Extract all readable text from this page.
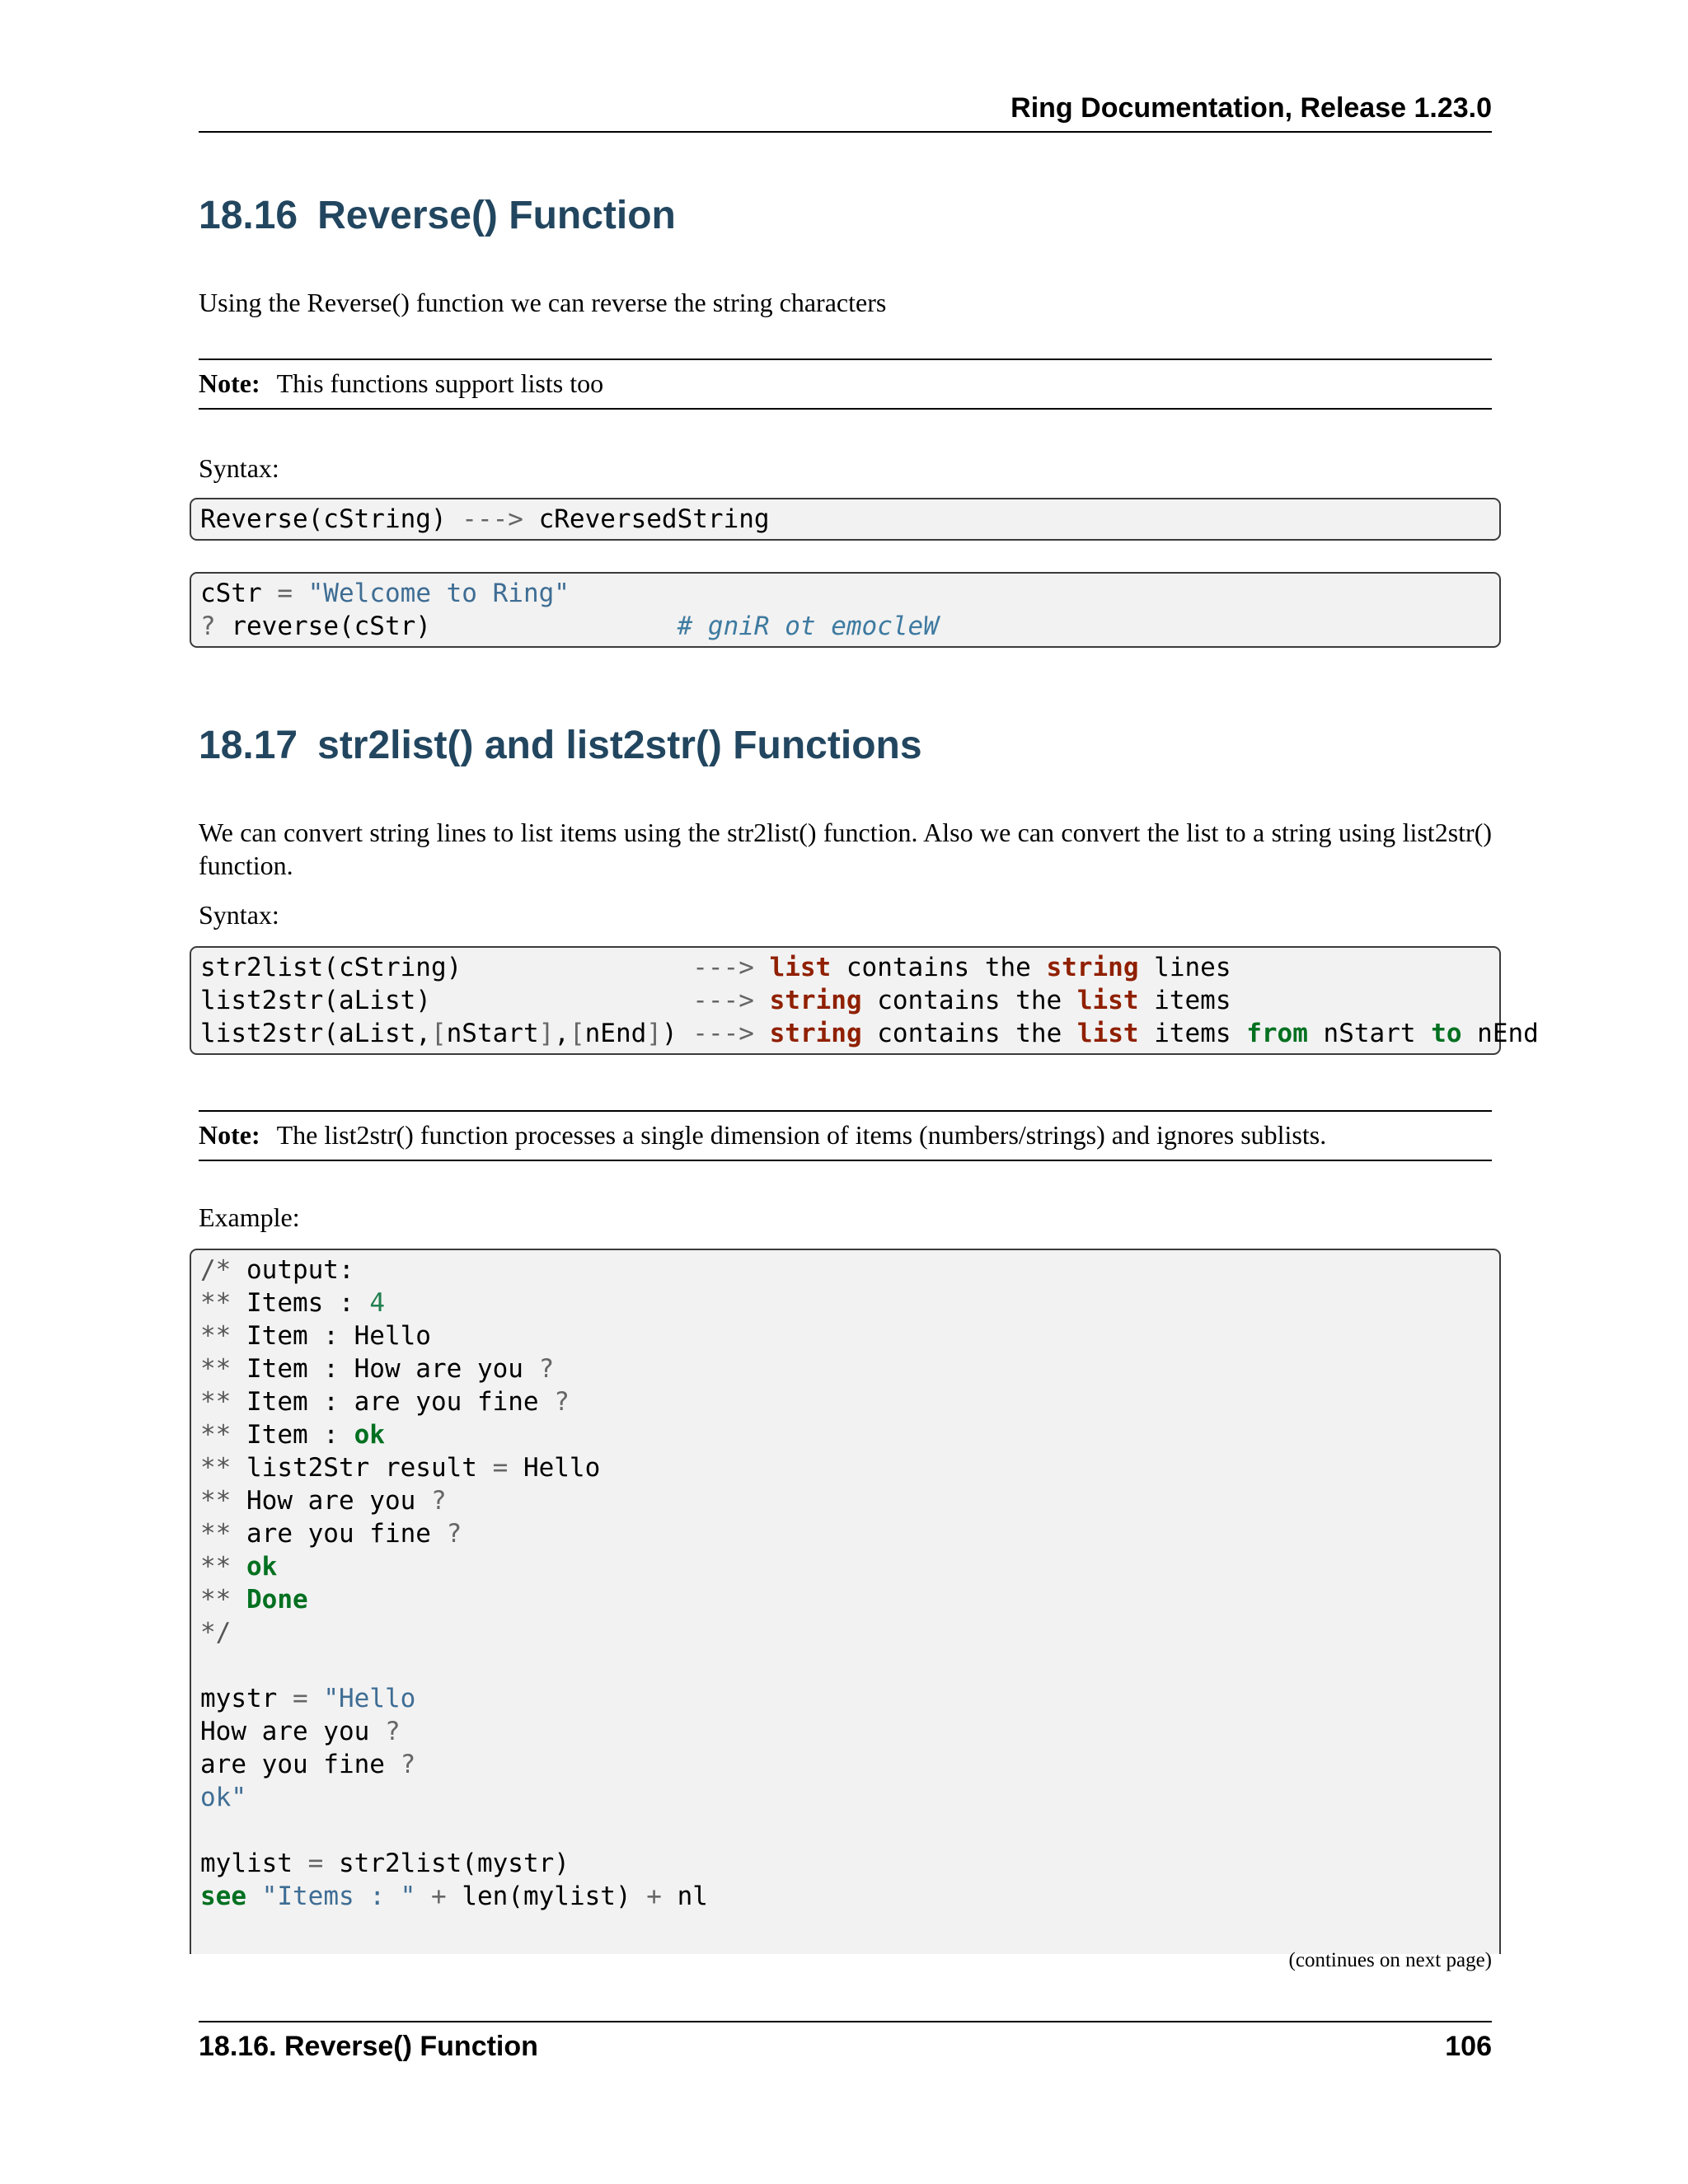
Ring Documentation, Release 1.23.0
18.16 Reverse() Function

Using the Reverse() function we can reverse the string characters

Note: This functions support lists too

Syntax:

Reverse(cString) ---> cReversedString
cStr = "Welcome to Ring"
? reverse(cStr)                # gniR ot emocleW
18.17 str2list() and list2str() Functions

We can convert string lines to list items using the str2list() function. Also we can convert the list to a string using list2str() function.

Syntax:

str2list(cString)               ---> list contains the string lines
list2str(aList)                 ---> string contains the list items
list2str(aList,[nStart],[nEnd]) ---> string contains the list items from nStart to nEnd
Note: The list2str() function processes a single dimension of items (numbers/strings) and ignores sublists.

Example:

/* output:
** Items : 4
** Item : Hello
** Item : How are you ?
** Item : are you fine ?
** Item : ok
** list2Str result = Hello
** How are you ?
** are you fine ?
** ok
** Done
*/
mystr = "Hello
How are you ?
are you fine ?
ok"
mylist = str2list(mystr)
see "Items : " + len(mylist) + nl
(continues on next page)
18.16. Reverse() Function	106
